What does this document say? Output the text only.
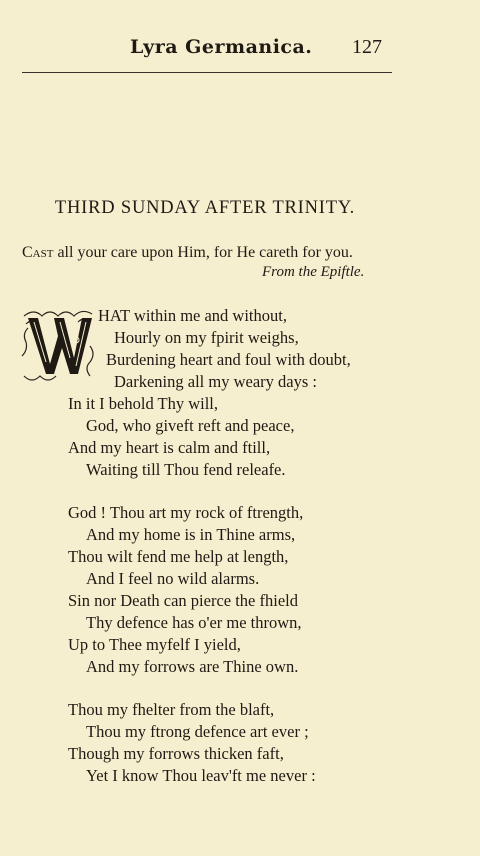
Lyra Germanica. 127
THIRD SUNDAY AFTER TRINITY.
Cast all your care upon Him, for He careth for you.
From the Epiftle.
HAT within me and without,
Hourly on my fpirit weighs,
Burdening heart and foul with doubt,
Darkening all my weary days :
In it I behold Thy will,
God, who giveft reft and peace,
And my heart is calm and ftill,
Waiting till Thou fend releafe.
God ! Thou art my rock of ftrength,
And my home is in Thine arms,
Thou wilt fend me help at length,
And I feel no wild alarms.
Sin nor Death can pierce the fhield
Thy defence has o'er me thrown,
Up to Thee myfelf I yield,
And my forrows are Thine own.
Thou my fhelter from the blaft,
Thou my ftrong defence art ever ;
Though my forrows thicken faft,
Yet I know Thou leav'ft me never :
